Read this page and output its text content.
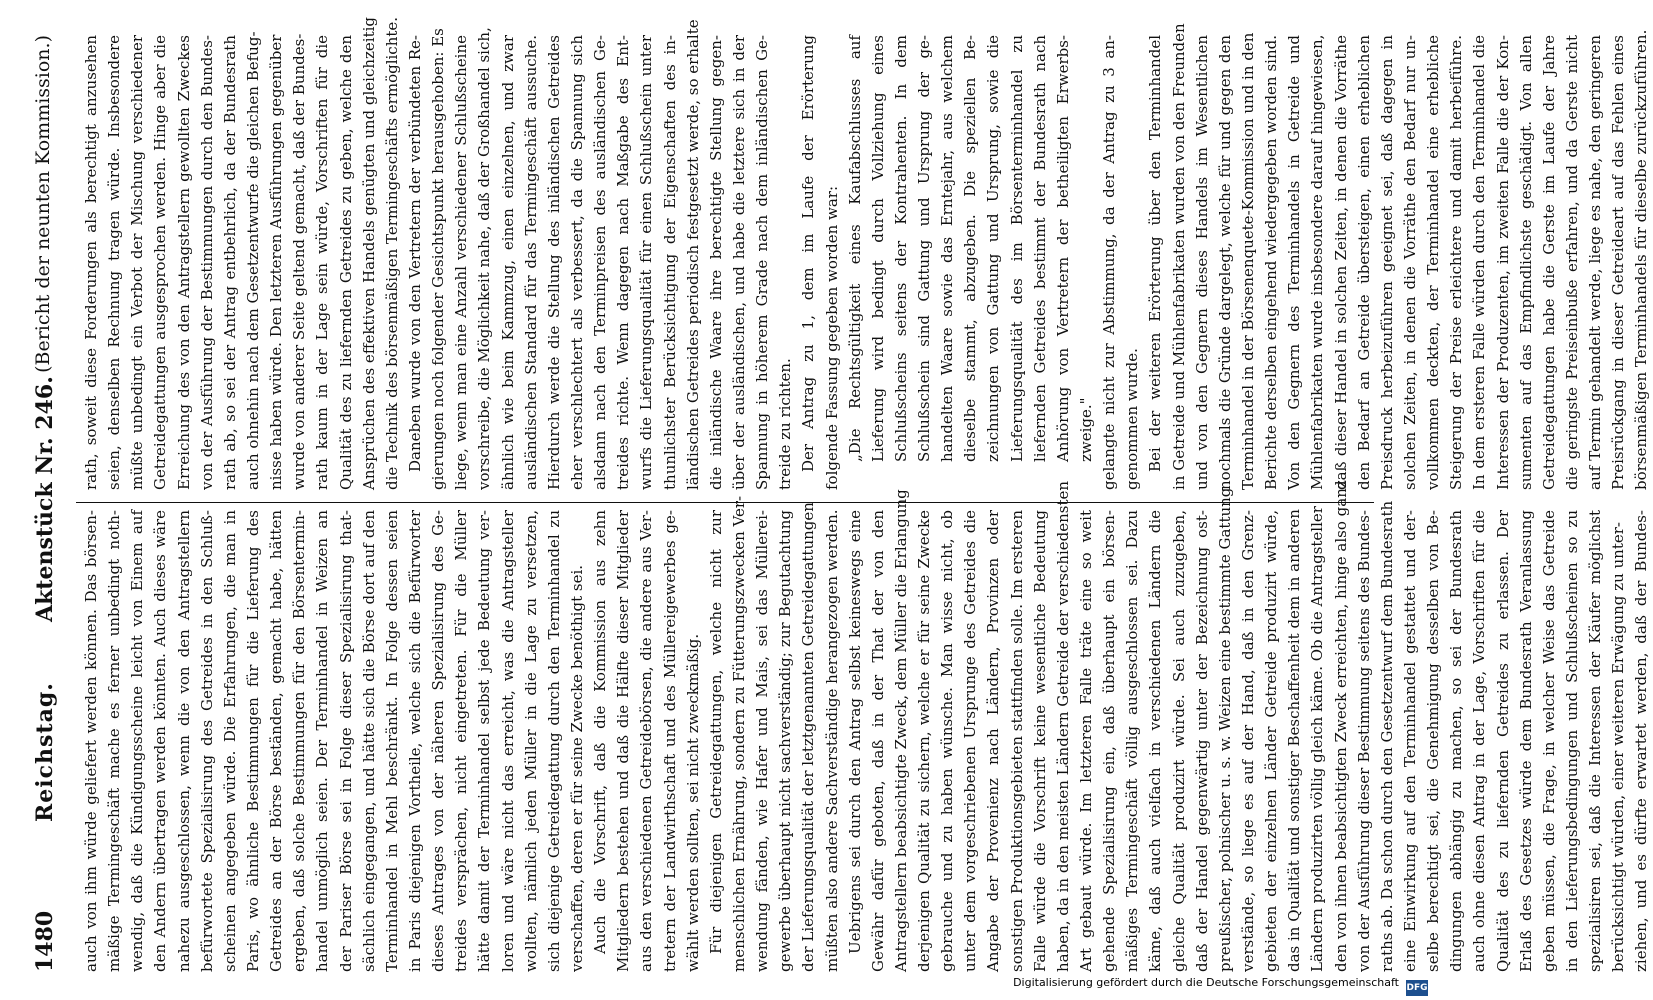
1480
Reichstag.
Aktenstück Nr. 246.
(Bericht der neunten Kommission.)
auch von ihm würde geliefert werden können. Das börsen- mäßige Termingeschäft mache es ferner unbedingt noth- wendig, daß die Kündigungsscheine leicht von Einem auf den Andern übertragen werden könnten. Auch dieses wäre nahezu ausgeschlossen, wenn die von den Antragstellern befürwortete Spezialisirung des Getreides in den Schluß- scheinen angegeben würde. Die Erfahrungen, die man in Paris, wo ähnliche Bestimmungen für die Lieferung des Getreides an der Börse beständen, gemacht habe, hätten ergeben, daß solche Bestimmungen für den Börsentermin- handel unmöglich seien. Der Terminhandel in Weizen an der Pariser Börse sei in Folge dieser Spezialisirung that- sächlich eingegangen, und hätte sich die Börse dort auf den Terminhandel in Mehl beschränkt. In Folge dessen seien in Paris diejenigen Vortheile, welche sich die Befürworter dieses Antrages von der näheren Spezialisirung des Ge- treides versprächen, nicht eingetreten. Für die Müller hätte damit der Terminhandel selbst jede Bedeutung ver- loren und wäre nicht das erreicht, was die Antragsteller wollten, nämlich jeden Müller in die Lage zu versetzen, sich diejenige Getreidegattung durch den Terminhandel zu verschaffen, deren er für seine Zwecke benöthigt sei. Auch die Vorschrift, daß die Kommission aus zehn Mitgliedern bestehen und daß die Hälfte dieser Mitglieder aus den verschiedenen Getreidebörsen, die andere aus Ver- tretern der Landwirthschaft und des Müllereigewerbes ge- wählt werden sollten, sei nicht zweckmäßig. Für diejenigen Getreidegattungen, welche nicht zur menschlichen Ernährung, sondern zu Fütterungszwecken Ver- wendung fänden, wie Hafer und Mais, sei das Müllerei- gewerbe überhaupt nicht sachverständig; zur Begutachtung der Lieferungsqualität der letztgenannten Getreidegattungen müßten also andere Sachverständige herangezogen werden. Uebrigens sei durch den Antrag selbst keineswegs eine Gewähr dafür geboten, daß in der That der von den Antragstellern beabsichtigte Zweck, dem Müller die Erlangung derjenigen Qualität zu sichern, welche er für seine Zwecke gebrauche und zu haben wünsche. Man wisse nicht, ob unter dem vorgeschriebenen Ursprunge des Getreides die Angabe der Provenienz nach Ländern, Provinzen oder sonstigen Produktionsgebieten stattfinden solle. Im ersteren Falle würde die Vorschrift keine wesentliche Bedeutung haben, da in den meisten Ländern Getreide der verschiedensten Art gebaut würde. Im letzteren Falle träte eine so weit gehende Spezialisirung ein, daß überhaupt ein börsen- mäßiges Termingeschäft völlig ausgeschlossen sei. Dazu käme, daß auch vielfach in verschiedenen Ländern die gleiche Qualität produzirt würde. Sei auch zuzugeben, daß der Handel gegenwärtig unter der Bezeichnung ost- preußischer, polnischer u. s. w. Weizen eine bestimmte Gattung verstände, so liege es auf der Hand, daß in den Grenz- gebieten der einzelnen Länder Getreide produzirt würde, das in Qualität und sonstiger Beschaffenheit dem in anderen Ländern produzirten völlig gleich käme. Ob die Antragsteller den von ihnen beabsichtigten Zweck erreichten, hinge also ganz von der Ausführung dieser Bestimmung seitens des Bundes- raths ab. Da schon durch den Gesetzentwurf dem Bundesrath eine Einwirkung auf den Terminhandel gestattet und der- selbe berechtigt sei, die Genehmigung desselben von Be- dingungen abhängig zu machen, so sei der Bundesrath auch ohne diesen Antrag in der Lage, Vorschriften für die Qualität des zu liefernden Getreides zu erlassen. Der Erlaß des Gesetzes würde dem Bundesrath Veranlassung geben müssen, die Frage, in welcher Weise das Getreide in den Lieferungsbedingungen und Schlußscheinen so zu spezialisiren sei, daß die Interessen der Käufer möglichst berücksichtigt würden, einer weiteren Erwägung zu unter- ziehen, und es dürfte erwartet werden, daß der Bundes-
rath, soweit diese Forderungen als berechtigt anzusehen seien, denselben Rechnung tragen würde. Insbesondere müßte unbedingt ein Verbot der Mischung verschiedener Getreidegattungen ausgesprochen werden. Hinge aber die Erreichung des von den Antragstellern gewollten Zweckes von der Ausführung der Bestimmungen durch den Bundes- rath ab, so sei der Antrag entbehrlich, da der Bundesrath auch ohnehin nach dem Gesetzentwurfe die gleichen Befug- nisse haben würde. Den letzteren Ausführungen gegenüber wurde von anderer Seite geltend gemacht, daß der Bundes- rath kaum in der Lage sein würde, Vorschriften für die Qualität des zu liefernden Getreides zu geben, welche den Ansprüchen des effektiven Handels genügten und gleichzeitig die Technik des börsenmäßigen Termingeschäfts ermöglichte. Daneben wurde von den Vertretern der verbündeten Re- gierungen noch folgender Gesichtspunkt herausgehoben: Es liege, wenn man eine Anzahl verschiedener Schlußscheine vorschreibe, die Möglichkeit nahe, daß der Großhandel sich, ähnlich wie beim Kammzug, einen einzelnen, und zwar ausländischen Standard für das Termingeschäft aussuche. Hierdurch werde die Stellung des inländischen Getreides eher verschlechtert als verbessert, da die Spannung sich alsdann nach den Terminpreisen des ausländischen Ge- treides richte. Wenn dagegen nach Maßgabe des Ent- wurfs die Lieferungsqualität für einen Schlußschein unter thunlichster Berücksichtigung der Eigenschaften des in- ländischen Getreides periodisch festgesetzt werde, so erhalte die inländische Waare ihre berechtigte Stellung gegen- über der ausländischen, und habe die letztere sich in der Spannung in höherem Grade nach dem inländischen Ge- treide zu richten. Der Antrag zu 1, dem im Laufe der Erörterung folgende Fassung gegeben worden war: „Die Rechtsgültigkeit eines Kaufabschlusses auf Lieferung wird bedingt durch Vollziehung eines Schlußscheins seitens der Kontrahenten. In dem Schlußschein sind Gattung und Ursprung der ge- handelten Waare sowie das Erntejahr, aus welchem dieselbe stammt, abzugeben. Die speziellen Be- zeichnungen von Gattung und Ursprung, sowie die Lieferungsqualität des im Börsenterminhandel zu liefernden Getreides bestimmt der Bundesrath nach Anhörung von Vertretern der betheiligten Erwerbs- zweige." gelangte nicht zur Abstimmung, da der Antrag zu 3 an- genommen wurde. Bei der weiteren Erörterung über den Terminhandel in Getreide und Mühlenfabrikaten wurden von den Freunden und von den Gegnern dieses Handels im Wesentlichen nochmals die Gründe dargelegt, welche für und gegen den Terminhandel in der Börsenenquete-Kommission und in den Berichte derselben eingehend wiedergegeben worden sind. Von den Gegnern des Terminhandels in Getreide und Mühlenfabrikaten wurde insbesondere darauf hingewiesen, daß dieser Handel in solchen Zeiten, in denen die Vorräthe den Bedarf an Getreide übersteigen, einen erheblichen Preisdruck herbeizuführen geeignet sei, daß dagegen in solchen Zeiten, in denen die Vorräthe den Bedarf nur un- vollkommen deckten, der Terminhandel eine erhebliche Steigerung der Preise erleichtere und damit herbeiführe. In dem ersteren Falle würden durch den Terminhandel die Interessen der Produzenten, im zweiten Falle die der Kon- sumenten auf das Empfindlichste geschädigt. Von allen Getreidegattungen habe die Gerste im Laufe der Jahre die geringste Preiseinbuße erfahren, und da Gerste nicht auf Termin gehandelt werde, liege es nahe, den geringeren Preisrückgang in dieser Getreideart auf das Fehlen eines börsenmäßigen Terminhandels für dieselbe zurückzuführen.
Digitalisierung gefördert durch die Deutsche Forschungsgemeinschaft DFG
